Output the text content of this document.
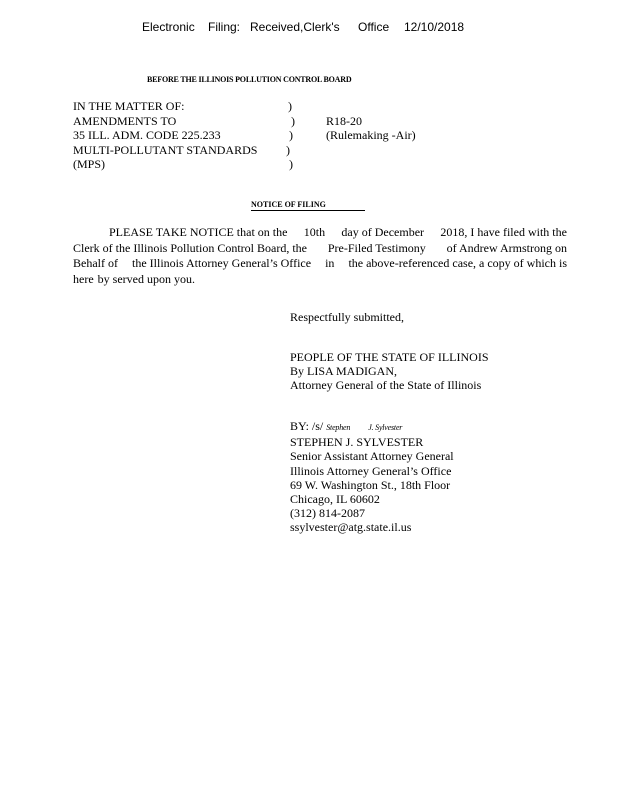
Electronic Filing: Received,Clerk's Office 12/10/2018
BEFORE THE ILLINOIS POLLUTION CONTROL BOARD
IN THE MATTER OF:	)
AMENDMENTS TO	)	R18-20
35 ILL. ADM. CODE 225.233	)	(Rulemaking -Air)
MULTI-POLLUTANT STANDARDS )
(MPS)	)
NOTICE OF FILING
PLEASE TAKE NOTICE that on the 10th day of December 2018, I have filed with the
Clerk of the Illinois Pollution Control Board, the Pre-Filed Testimony of Andrew Armstrong on
Behalf of the Illinois Attorney General’s Office in the above-referenced case, a copy of which is
here by served upon you.
Respectfully submitted,
PEOPLE OF THE STATE OF ILLINOIS
By LISA MADIGAN,
Attorney General of the State of Illinois
BY: /s/ Stephen J. Sylvester
STEPHEN J. SYLVESTER
Senior Assistant Attorney General
Illinois Attorney General’s Office
69 W. Washington St., 18th Floor
Chicago, IL 60602
(312) 814-2087
ssylvester@atg.state.il.us
